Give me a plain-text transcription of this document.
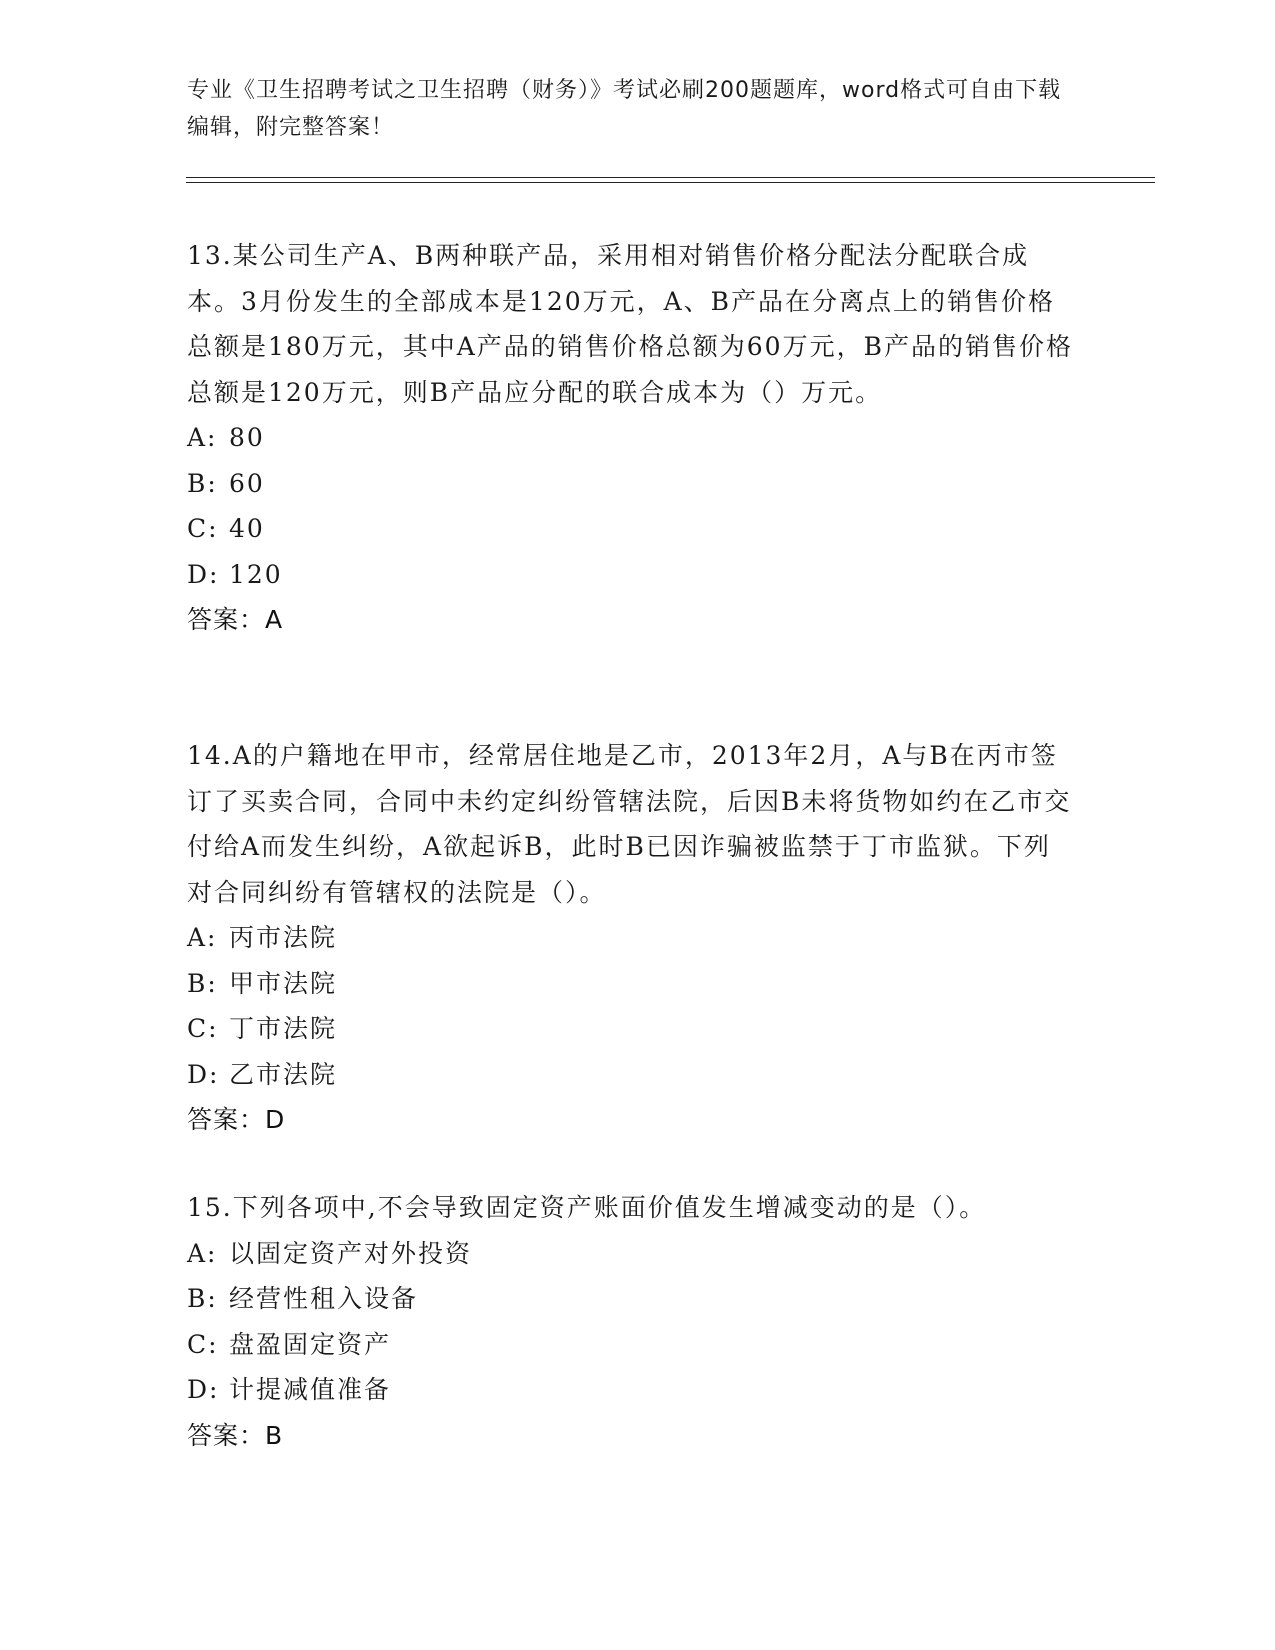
专业《卫生招聘考试之卫生招聘（财务）》考试必刷200题题库，word格式可自由下载编辑，附完整答案！

13.某公司生产A、B两种联产品，采用相对销售价格分配法分配联合成本。3月份发生的全部成本是120万元，A、B产品在分离点上的销售价格总额是180万元，其中A产品的销售价格总额为60万元，B产品的销售价格总额是120万元，则B产品应分配的联合成本为（）万元。

A: 80
B: 60
C: 40
D: 120
答案：A

14.A的户籍地在甲市，经常居住地是乙市，2013年2月，A与B在丙市签订了买卖合同，合同中未约定纠纷管辖法院，后因B未将货物如约在乙市交付给A而发生纠纷，A欲起诉B，此时B已因诈骗被监禁于丁市监狱。下列对合同纠纷有管辖权的法院是（）。

A: 丙市法院
B: 甲市法院
C: 丁市法院
D: 乙市法院
答案：D

15.下列各项中,不会导致固定资产账面价值发生增减变动的是（）。

A: 以固定资产对外投资
B: 经营性租入设备
C: 盘盈固定资产
D: 计提减值准备
答案：B
